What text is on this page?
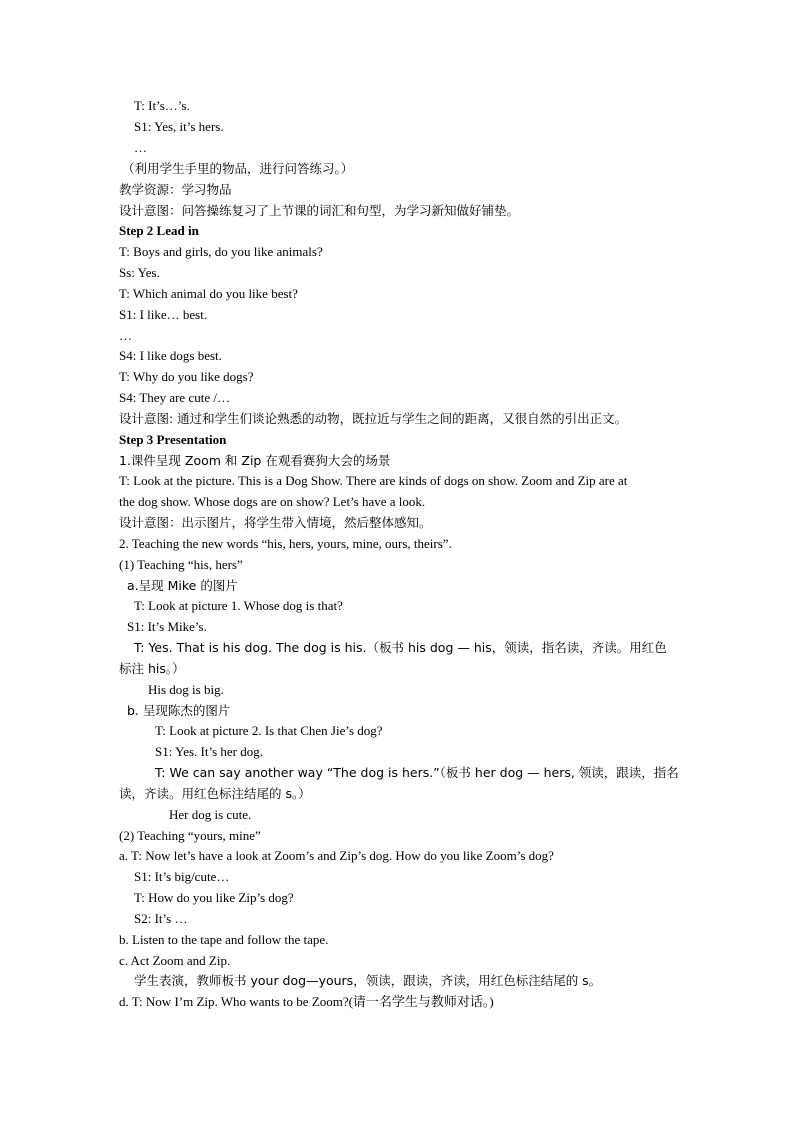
T: It’s…’s.
S1: Yes, it’s hers.
…
（利用学生手里的物品，进行问答练习。）
教学资源：学习物品
设计意图：问答操练复习了上节课的词汇和句型，为学习新知做好铺垫。
Step 2 Lead in
T: Boys and girls, do you like animals?
Ss: Yes.
T: Which animal do you like best?
S1: I like… best.
…
S4: I like dogs best.
T: Why do you like dogs?
S4: They are cute /…
设计意图: 通过和学生们谈论熟悉的动物，既拉近与学生之间的距离，又很自然的引出正文。
Step 3 Presentation
1.课件呈现 Zoom 和 Zip 在观看赛狗大会的场景
T: Look at the picture. This is a Dog Show. There are kinds of dogs on show. Zoom and Zip are at
the dog show. Whose dogs are on show? Let’s have a look.
设计意图：出示图片，将学生带入情境，然后整体感知。
2. Teaching the new words “his, hers, yours, mine, ours, theirs”.
(1) Teaching “his, hers”
a.呈现 Mike 的图片
T: Look at picture 1. Whose dog is that?
S1: It’s Mike’s.
T: Yes. That is his dog. The dog is his.（板书 his dog — his，领读，指名读，齐读。用红色
标注 his。）
His dog is big.
b. 呈现陈杰的图片
T: Look at picture 2. Is that Chen Jie’s dog?
S1: Yes. It’s her dog.
T: We can say another way “The dog is hers.”（板书 her dog — hers, 领读，跟读，指名
读，齐读。用红色标注结尾的 s。）
Her dog is cute.
(2) Teaching “yours, mine”
a. T: Now let’s have a look at Zoom’s and Zip’s dog. How do you like Zoom’s dog?
S1: It’s big/cute…
T: How do you like Zip’s dog?
S2: It’s …
b. Listen to the tape and follow the tape.
c. Act Zoom and Zip.
学生表演，教师板书 your dog—yours，领读，跟读，齐读，用红色标注结尾的 s。
d. T: Now I’m Zip. Who wants to be Zoom?(请一名学生与教师对话。)
